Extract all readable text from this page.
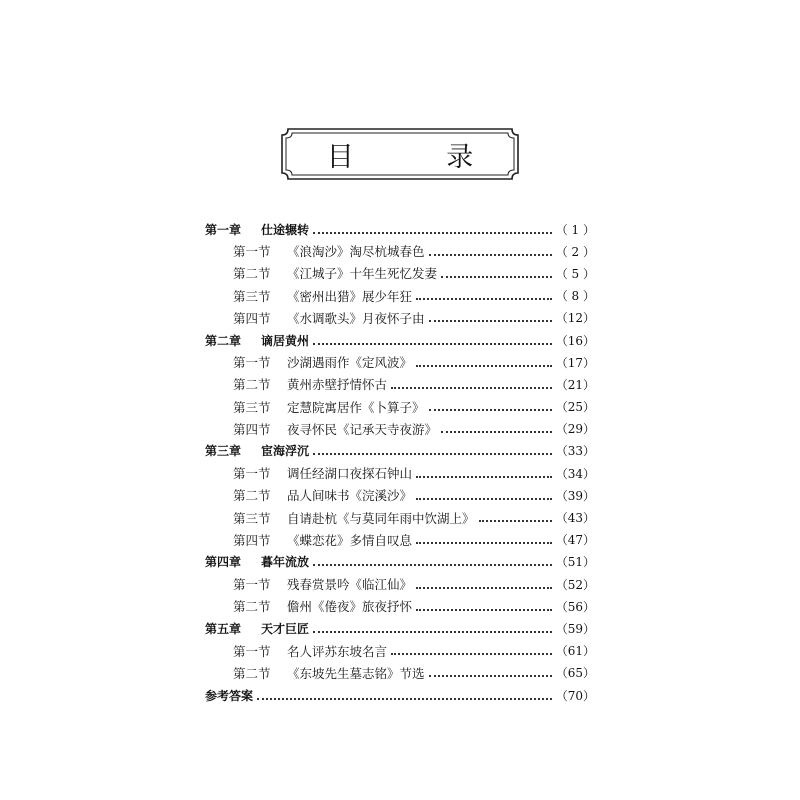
目 录
第一章	仕途辗转	（ 1 ）
第一节	《浪淘沙》淘尽杭城春色	（ 2 ）
第二节	《江城子》十年生死忆发妻	（ 5 ）
第三节	《密州出猎》展少年狂	（ 8 ）
第四节	《水调歌头》月夜怀子由	（12）
第二章	谪居黄州	（16）
第一节	沙湖遇雨作《定风波》	（17）
第二节	黄州赤壁抒情怀古	（21）
第三节	定慧院寓居作《卜算子》	（25）
第四节	夜寻怀民《记承天寺夜游》	（29）
第三章	宦海浮沉	（33）
第一节	调任经湖口夜探石钟山	（34）
第二节	品人间味书《浣溪沙》	（39）
第三节	自请赴杭《与莫同年雨中饮湖上》	（43）
第四节	《蝶恋花》多情自叹息	（47）
第四章	暮年流放	（51）
第一节	残春赏景吟《临江仙》	（52）
第二节	儋州《倦夜》旅夜抒怀	（56）
第五章	天才巨匠	（59）
第一节	名人评苏东坡名言	（61）
第二节	《东坡先生墓志铭》节选	（65）
参考答案	（70）
